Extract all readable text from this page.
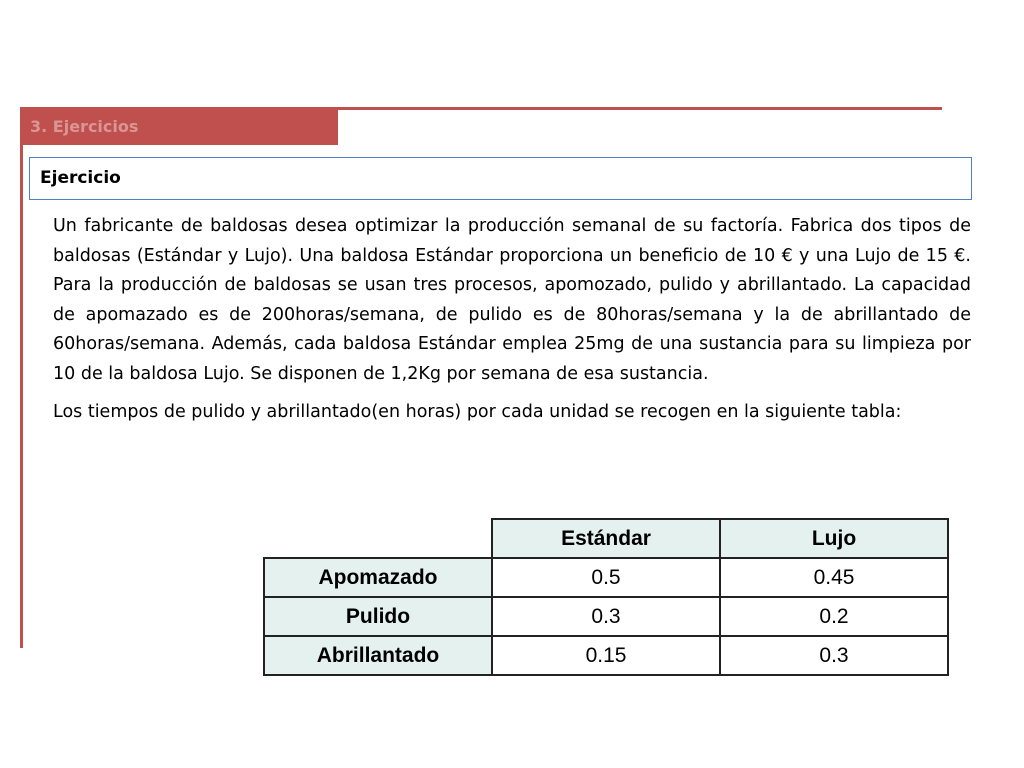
3. Ejercicios
Ejercicio

Un fabricante de baldosas desea optimizar la producción semanal de su factoría. Fabrica dos tipos de baldosas (Estándar y Lujo). Una baldosa Estándar proporciona un beneficio de 10 € y una Lujo de 15 €. Para la producción de baldosas se usan tres procesos, apomozado, pulido y abrillantado. La capacidad de apomazado es de 200horas/semana, de pulido es de 80horas/semana y la de abrillantado de 60horas/semana. Además, cada baldosa Estándar emplea 25mg de una sustancia para su limpieza por 10 de la baldosa Lujo. Se disponen de 1,2Kg por semana de esa sustancia.

Los tiempos de pulido y abrillantado(en horas) por cada unidad se recogen en la siguiente tabla:

	Estándar	Lujo
Apomazado	0.5	0.45
Pulido	0.3	0.2
Abrillantado	0.15	0.3
